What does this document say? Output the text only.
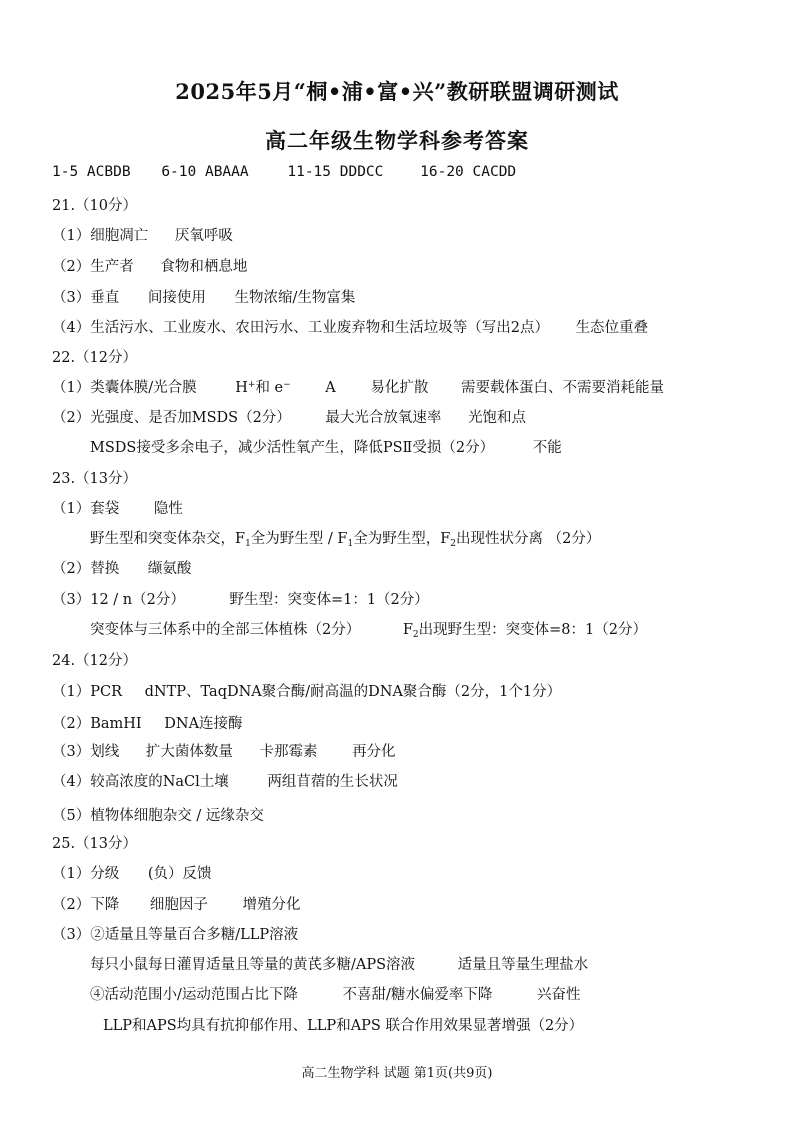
2025年5月“桐•浦•富•兴”教研联盟调研测试
高二年级生物学科参考答案
1-5 ACBDB 6-10 ABAAA	11-15 DDDCC	16-20 CACDD
21.（10分）
（1）细胞凋亡 厌氧呼吸
（2）生产者 食物和栖息地
（3）垂直 间接使用 生物浓缩/生物富集
（4）生活污水、工业废水、农田污水、工业废弃物和生活垃圾等（写出2点） 生态位重叠
22.（12分）
（1）类囊体膜/光合膜	H+和 e− A 易化扩散 需要载体蛋白、不需要消耗能量
（2）光强度、是否加MSDS（2分） 最大光合放氧速率 光饱和点
MSDS接受多余电子，减少活性氧产生，降低PSⅡ受损（2分）	不能
23.（13分）
（1）套袋 隐性
野生型和突变体杂交，$F_1$全为野生型 / $F_1$全为野生型，$F_2$出现性状分离 （2分）
（2）替换 缬氨酸
（3）12 / n（2分）	野生型：突变体=1：1（2分）
突变体与三体系中的全部三体植株（2分）	$F_2$出现野生型：突变体=8：1（2分）
24.（12分）
（1）PCR dNTP、TaqDNA聚合酶/耐高温的DNA聚合酶（2分，1个1分）
（2）BamHⅠ DNA连接酶
（3）划线 扩大菌体数量 卡那霉素 再分化
（4）较高浓度的NaCl土壤	两组苜蓿的生长状况
（5）植物体细胞杂交 / 远缘杂交
25.（13分）
（1）分级 (负）反馈
（2）下降 细胞因子 增殖分化
（3）②适量且等量百合多糖/LLP溶液
每只小鼠每日灌胃适量且等量的黄芪多糖/APS溶液	适量且等量生理盐水
④活动范围小/运动范围占比下降	不喜甜/糖水偏爱率下降	兴奋性
LLP和APS均具有抗抑郁作用、LLP和APS 联合作用效果显著增强（2分）
高二生物学科 试题 第1页(共9页)
